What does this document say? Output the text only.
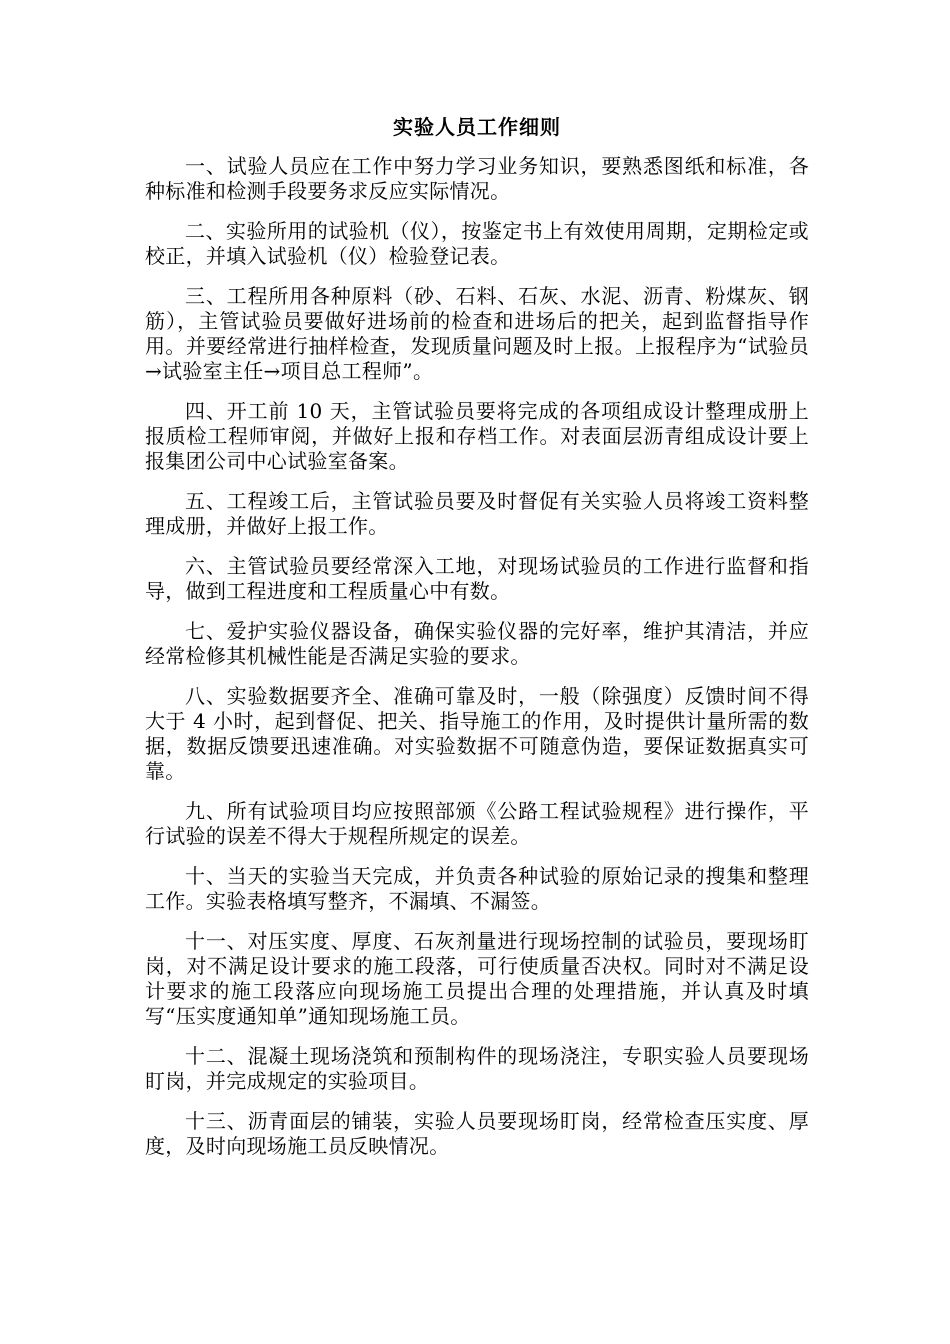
实验人员工作细则

一、试验人员应在工作中努力学习业务知识，要熟悉图纸和标准，各种标准和检测手段要务求反应实际情况。

二、实验所用的试验机（仪），按鉴定书上有效使用周期，定期检定或校正，并填入试验机（仪）检验登记表。

三、工程所用各种原料（砂、石料、石灰、水泥、沥青、粉煤灰、钢筋），主管试验员要做好进场前的检查和进场后的把关，起到监督指导作用。并要经常进行抽样检查，发现质量问题及时上报。上报程序为“试验员→试验室主任→项目总工程师”。

四、开工前 10 天，主管试验员要将完成的各项组成设计整理成册上报质检工程师审阅，并做好上报和存档工作。对表面层沥青组成设计要上报集团公司中心试验室备案。

五、工程竣工后，主管试验员要及时督促有关实验人员将竣工资料整理成册，并做好上报工作。

六、主管试验员要经常深入工地，对现场试验员的工作进行监督和指导，做到工程进度和工程质量心中有数。

七、爱护实验仪器设备，确保实验仪器的完好率，维护其清洁，并应经常检修其机械性能是否满足实验的要求。

八、实验数据要齐全、准确可靠及时，一般（除强度）反馈时间不得大于 4 小时，起到督促、把关、指导施工的作用，及时提供计量所需的数据，数据反馈要迅速准确。对实验数据不可随意伪造，要保证数据真实可靠。

九、所有试验项目均应按照部颁《公路工程试验规程》进行操作，平行试验的误差不得大于规程所规定的误差。

十、当天的实验当天完成，并负责各种试验的原始记录的搜集和整理工作。实验表格填写整齐，不漏填、不漏签。

十一、对压实度、厚度、石灰剂量进行现场控制的试验员，要现场盯岗，对不满足设计要求的施工段落，可行使质量否决权。同时对不满足设计要求的施工段落应向现场施工员提出合理的处理措施，并认真及时填写“压实度通知单”通知现场施工员。

十二、混凝土现场浇筑和预制构件的现场浇注，专职实验人员要现场盯岗，并完成规定的实验项目。

十三、沥青面层的铺装，实验人员要现场盯岗，经常检查压实度、厚度，及时向现场施工员反映情况。
